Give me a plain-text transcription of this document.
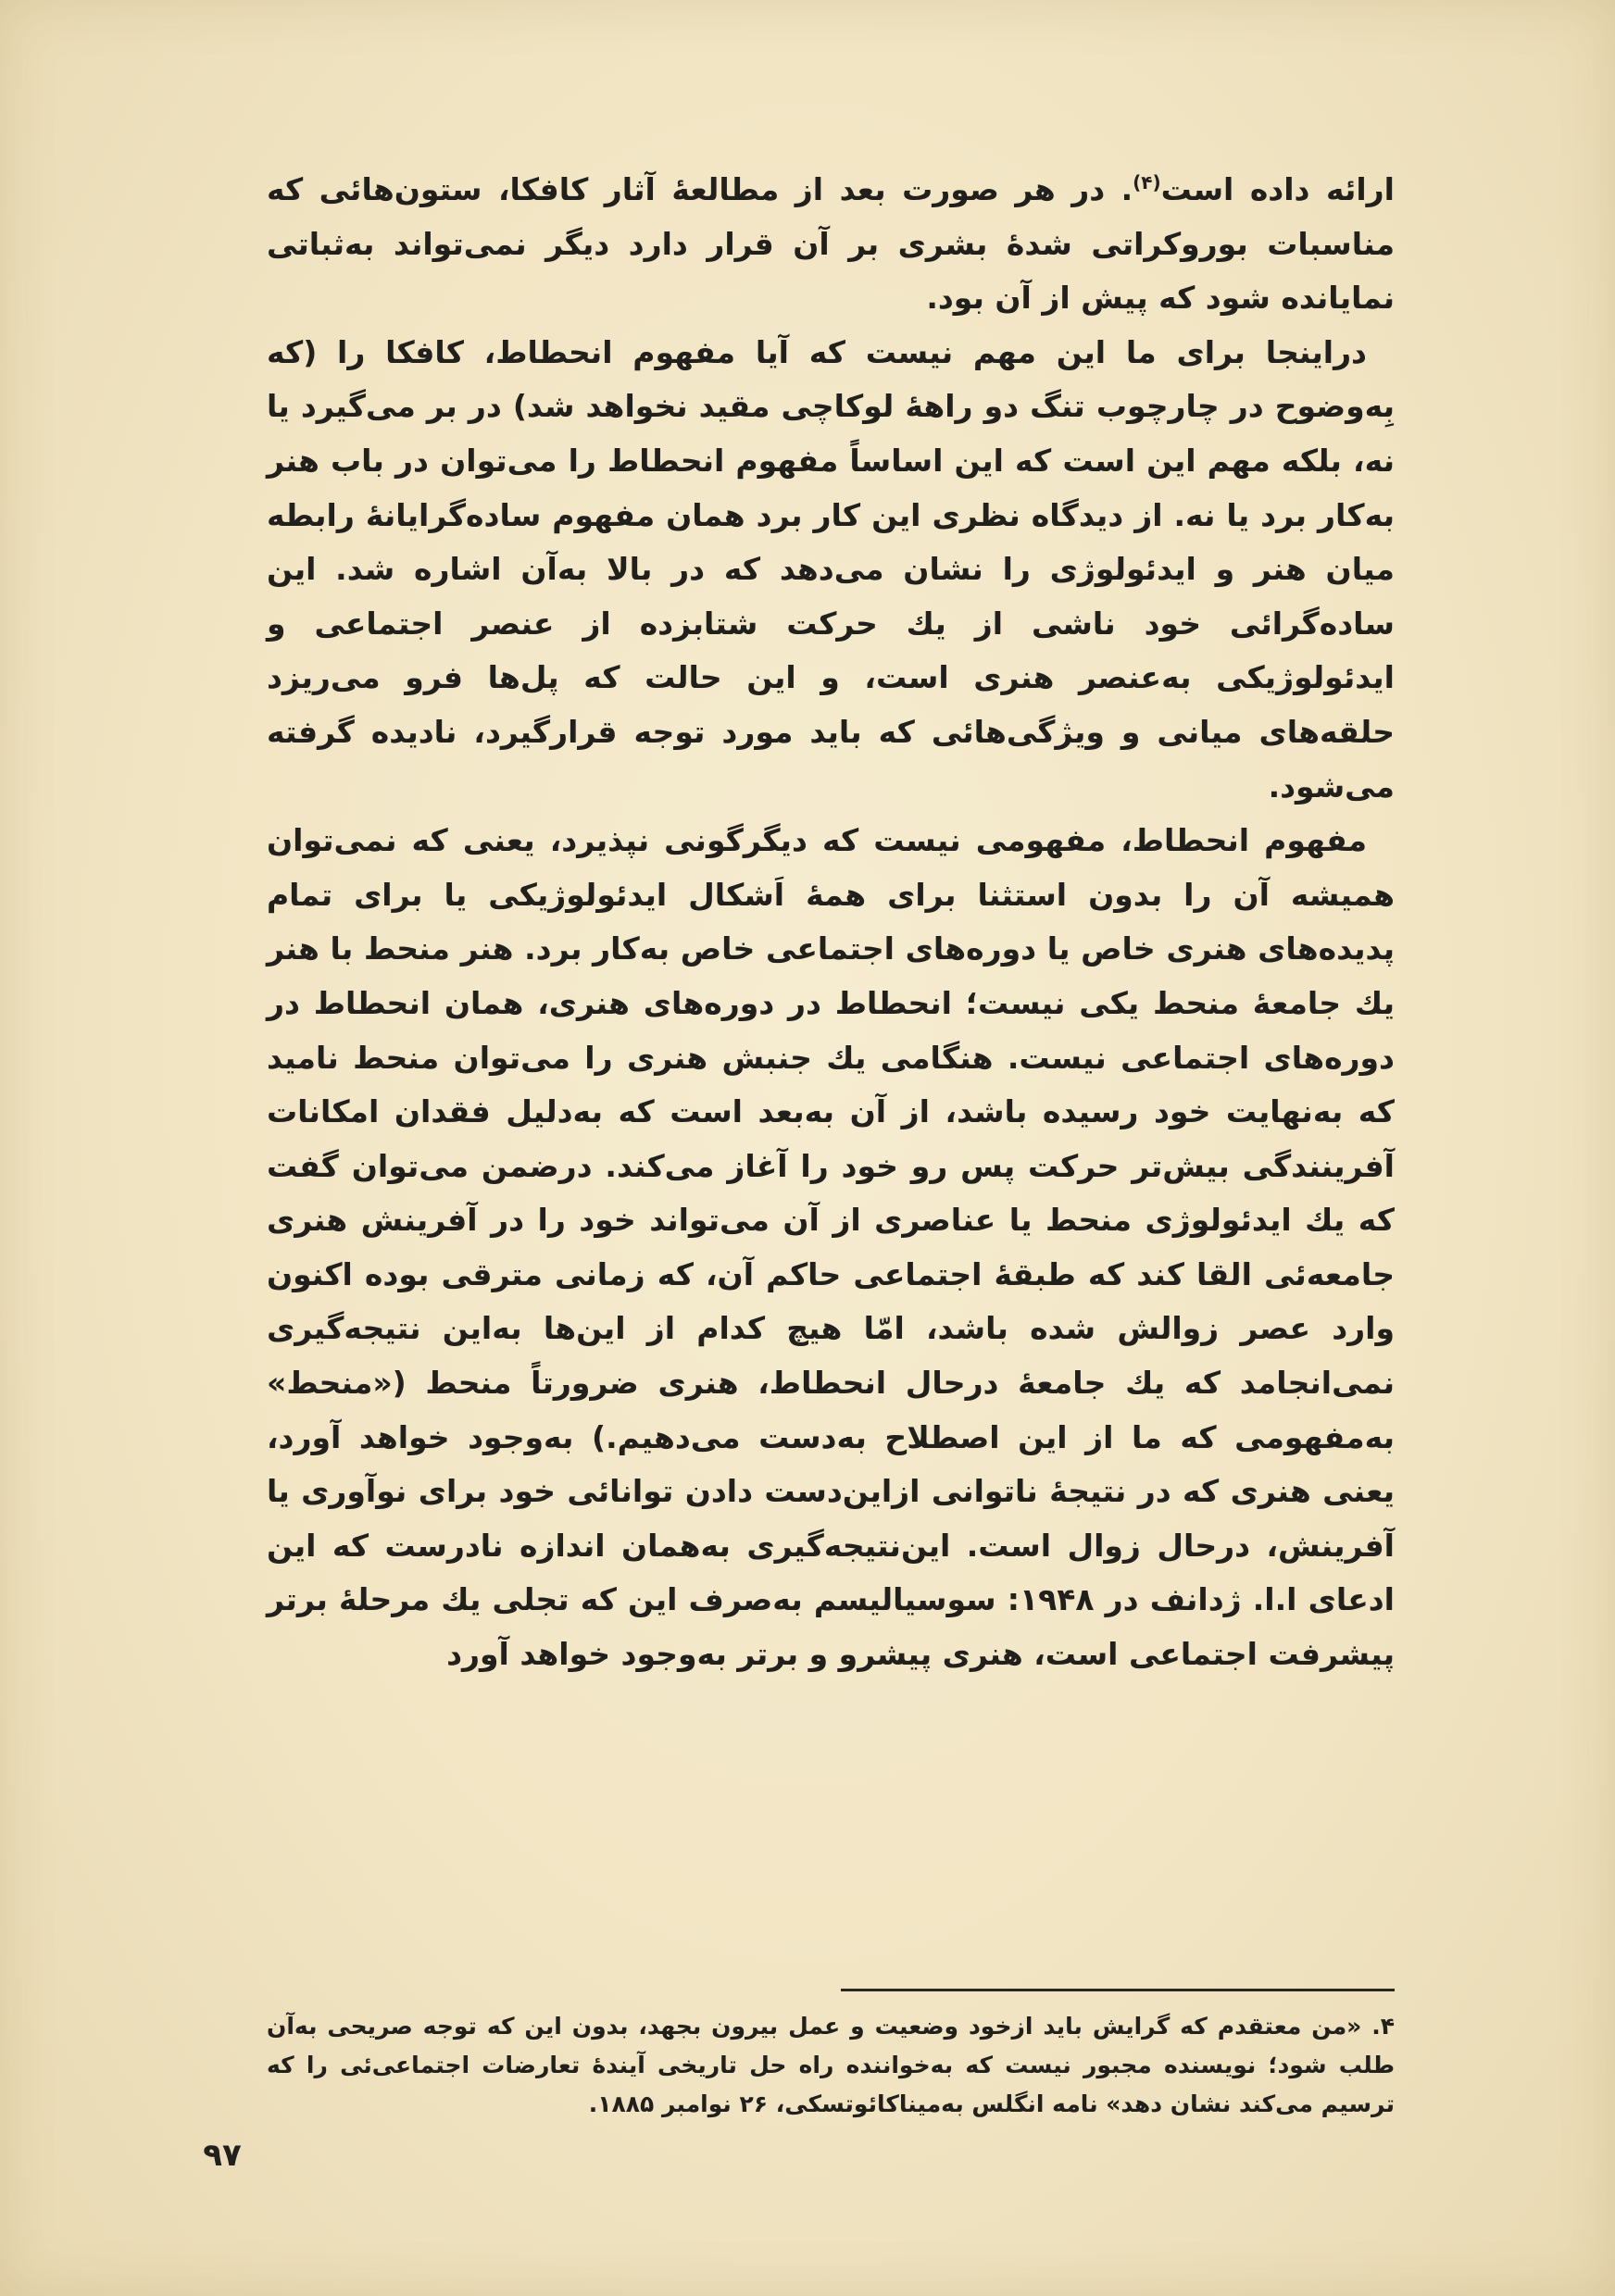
ارائه داده است$^{(۴)}$. در هر صورت بعد از مطالعهٔ آثار کافکا، ستون‌هائی که مناسبات بوروکراتی شدهٔ بشری بر آن قرار دارد دیگر نمی‌تواند به‌ثباتی نمایانده شود که پیش از آن بود.

دراینجا برای ما این مهم نیست که آیا مفهوم انحطاط، کافکا را (که بِه‌وضوح در چارچوب تنگ دو راههٔ لوکاچی مقید نخواهد شد) در بر می‌گیرد یا نه، بلکه مهم این است که این اساساً مفهوم انحطاط را می‌توان در باب هنر به‌کار برد یا نه. از دیدگاه نظری این کار برد همان مفهوم ساده‌گرایانهٔ رابطه میان هنر و ایدئولوژی را نشان می‌دهد که در بالا به‌آن اشاره شد. این ساده‌گرائی خود ناشی از یك حرکت شتابزده از عنصر اجتماعی و ایدئولوژیکی به‌عنصر هنری است، و این حالت که پل‌ها فرو می‌ریزد حلقه‌های میانی و ویژگی‌هائی که باید مورد توجه قرارگیرد، نادیده گرفته می‌شود.

مفهوم انحطاط، مفهومی نیست که دیگرگونی نپذیرد، یعنی که نمی‌توان همیشه آن را بدون استثنا برای همهٔ اَشکال ایدئولوژیکی یا برای تمام پدیده‌های هنری خاص یا دوره‌های اجتماعی خاص به‌کار برد. هنر منحط با هنر یك جامعهٔ منحط یکی نیست؛ انحطاط در دوره‌های هنری، همان انحطاط در دوره‌های اجتماعی نیست. هنگامی یك جنبش هنری را می‌توان منحط نامید که به‌نهایت خود رسیده باشد، از آن به‌بعد است که به‌دلیل فقدان امکانات آفرینندگی بیش‌تر حرکت پس رو خود را آغاز می‌کند. درضمن می‌توان گفت که یك ایدئولوژی منحط یا عناصری از آن می‌تواند خود را در آفرینش هنری جامعه‌ئی القا کند که طبقهٔ اجتماعی حاکم آن، که زمانی مترقی بوده اکنون وارد عصر زوالش شده باشد، امّا هیچ کدام از این‌ها به‌این نتیجه‌گیری نمی‌انجامد که یك جامعهٔ درحال انحطاط، هنری ضرورتاً منحط («منحط» به‌مفهومی که ما از این اصطلاح به‌دست می‌دهیم.) به‌وجود خواهد آورد، یعنی هنری که در نتیجهٔ ناتوانی ازاین‌دست دادن توانائی خود برای نوآوری یا آفرینش، درحال زوال است. این‌نتیجه‌گیری به‌همان اندازه نادرست که این ادعای ا.ا. ژدانف در ۱۹۴۸: سوسیالیسم به‌صرف این که تجلی یك مرحلهٔ برتر پیشرفت اجتماعی است، هنری پیشرو و برتر به‌وجود خواهد آورد

۴. «من معتقدم که گرایش باید ازخود وضعیت و عمل بیرون بجهد، بدون این که توجه صریحی به‌آن طلب شود؛ نویسنده مجبور نیست که به‌خواننده راه حل تاریخی آیندهٔ تعارضات اجتماعی‌ئی را که ترسیم می‌کند نشان دهد» نامه انگلس به‌میناکائوتسکی، ۲۶ نوامبر ۱۸۸۵.
۹۷
